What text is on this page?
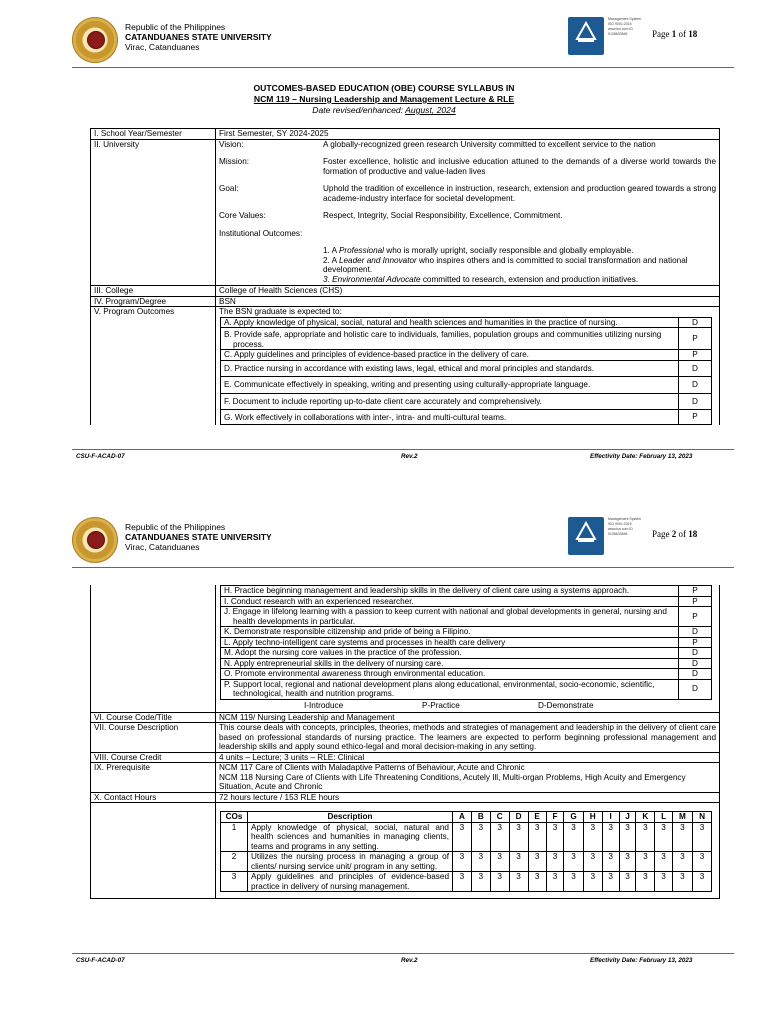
Republic of the Philippines
CATANDUANES STATE UNIVERSITY
Virac, Catanduanes
Management System ISO 9001:2015 www.tuv.com ID 9108633846	Page 1 of 18
OUTCOMES-BASED EDUCATION (OBE) COURSE SYLLABUS IN
NCM 119 – Nursing Leadership and Management Lecture & RLE
Date revised/enhanced: August, 2024
I. School Year/Semester	First Semester, SY 2024-2025
II. University	Vision:	A globally-recognized green research University committed to excellent service to the nation
Mission:	Foster excellence, holistic and inclusive education attuned to the demands of a diverse world towards the formation of productive and value-laden lives
Goal:	Uphold the tradition of excellence in instruction, research, extension and production geared towards a strong academe-industry interface for societal development.
Core Values:	Respect, Integrity, Social Responsibility, Excellence, Commitment.
Institutional Outcomes:
1. A Professional who is morally upright, socially responsible and globally employable.
2. A Leader and Innovator who inspires others and is committed to social transformation and national development.
3. Environmental Advocate committed to research, extension and production initiatives.

III. College	College of Health Sciences (CHS)
IV. Program/Degree	BSN
V. Program Outcomes	The BSN graduate is expected to:
A. Apply knowledge of physical, social, natural and health sciences and humanities in the practice of nursing.	D
B. Provide safe, appropriate and holistic care to individuals, families, population groups and communities utilizing nursing process.	P
C. Apply guidelines and principles of evidence-based practice in the delivery of care.	P
D. Practice nursing in accordance with existing laws, legal, ethical and moral principles and standards.	D
E. Communicate effectively in speaking, writing and presenting using culturally-appropriate language.	D
F. Document to include reporting up-to-date client care accurately and comprehensively.	D
G. Work effectively in collaborations with inter-, intra- and multi-cultural teams.	P
CSU-F-ACAD-07	Rev.2	Effectivity Date: February 13, 2023
Republic of the Philippines
CATANDUANES STATE UNIVERSITY
Virac, Catanduanes
Management System ISO 9001:2015 www.tuv.com ID 9108633846	Page 2 of 18

H. Practice beginning management and leadership skills in the delivery of client care using a systems approach.	P
I. Conduct research with an experienced researcher.	P
J. Engage in lifelong learning with a passion to keep current with national and global developments in general, nursing and health developments in particular.	P
K. Demonstrate responsible citizenship and pride of being a Filipino.	D
L. Apply techno-intelligent care systems and processes in health care delivery	P
M. Adopt the nursing core values in the practice of the profession.	D
N. Apply entrepreneurial skills in the delivery of nursing care.	D
O. Promote environmental awareness through environmental education.	D
P. Support local, regional and national development plans along educational, environmental, socio-economic, scientific, technological, health and nutrition programs.	D
I-Introduce	P-Practice	D-Demonstrate

VI. Course Code/Title	NCM 119/ Nursing Leadership and Management
VII. Course Description	This course deals with concepts, principles, theories, methods and strategies of management and leadership in the delivery of client care based on professional standards of nursing practice. The learners are expected to perform beginning professional management and leadership skills and apply sound ethico-legal and moral decision-making in any setting.
VIII. Course Credit	4 units – Lecture; 3 units – RLE: Clinical
IX. Prerequisite	NCM 117 Care of Clients with Maladaptive Patterns of Behaviour, Acute and Chronic
NCM 118 Nursing Care of Clients with Life Threatening Conditions, Acutely Ill, Multi-organ Problems, High Acuity and Emergency Situation, Acute and Chronic

X. Contact Hours	72 hours lecture / 153 RLE hours

COs	Description	A	B	C	D	E	F	G	H	I	J	K	L	M	N
1	Apply knowledge of physical, social, natural and health sciences and humanities in managing clients, teams and programs in any setting.	3	3	3	3	3	3	3	3	3	3	3	3	3	3
2	Utilizes the nursing process in managing a group of clients/ nursing service unit/ program in any setting.	3	3	3	3	3	3	3	3	3	3	3	3	3	3
3	Apply guidelines and principles of evidence-based practice in delivery of nursing management.	3	3	3	3	3	3	3	3	3	3	3	3	3	3
CSU-F-ACAD-07	Rev.2	Effectivity Date: February 13, 2023
